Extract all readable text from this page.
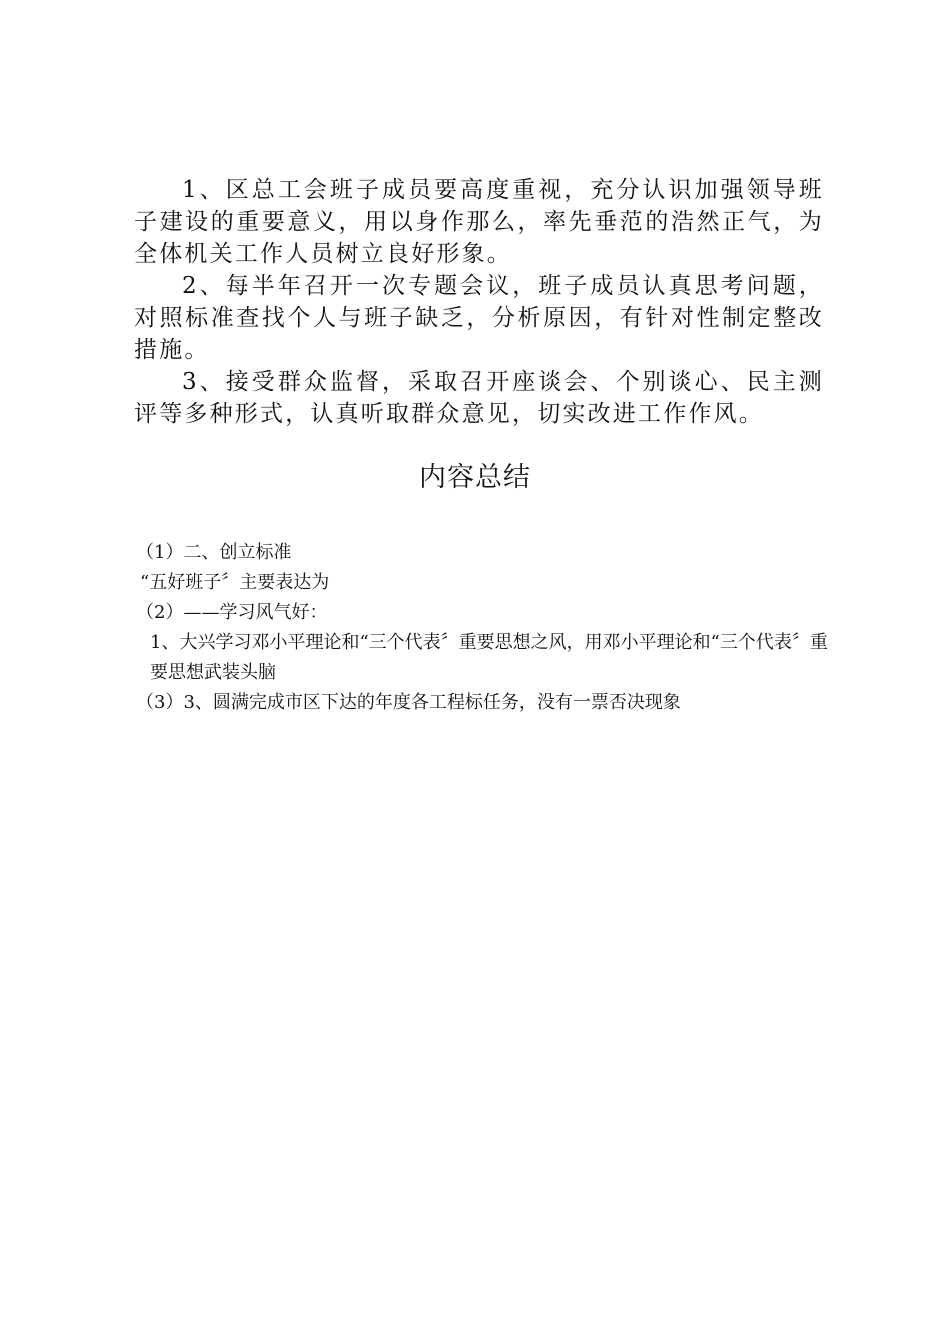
1、区总工会班子成员要高度重视，充分认识加强领导班子建设的重要意义，用以身作那么，率先垂范的浩然正气，为全体机关工作人员树立良好形象。

2、每半年召开一次专题会议，班子成员认真思考问题，对照标准查找个人与班子缺乏，分析原因，有针对性制定整改措施。

3、接受群众监督，采取召开座谈会、个别谈心、民主测评等多种形式，认真听取群众意见，切实改进工作作风。

内容总结

（1）二、创立标准

“五好班子〞主要表达为

（2）——学习风气好：

1、大兴学习邓小平理论和“三个代表〞重要思想之风，用邓小平理论和“三个代表〞重要思想武装头脑

（3）3、圆满完成市区下达的年度各工程标任务，没有一票否决现象
